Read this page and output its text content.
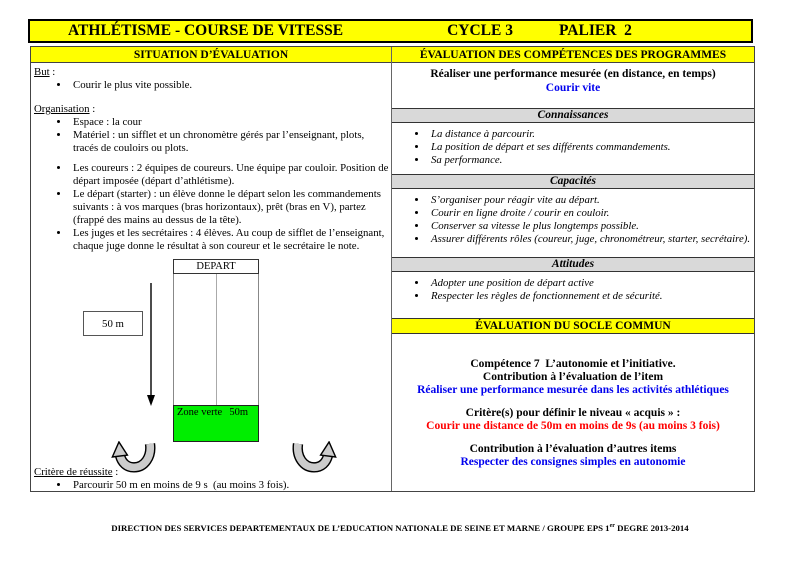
ATHLÉTISME - COURSE DE VITESSE	CYCLE 3	PALIER  2
SITUATION D’ÉVALUATION
But :
• Courir le plus vite possible.
Organisation :
• Espace : la cour
• Matériel : un sifflet et un chronomètre gérés par l’enseignant, plots, tracés de couloirs ou plots.
• Les coureurs : 2 équipes de coureurs. Une équipe par couloir. Position de départ imposée (départ d’athlétisme).
• Le départ (starter) : un élève donne le départ selon les commandements suivants : à vos marques (bras horizontaux), prêt (bras en V), partez (frappé des mains au dessus de la tête).
• Les juges et les secrétaires : 4 élèves. Au coup de sifflet de l’enseignant, chaque juge donne le résultat à son coureur et le secrétaire le note.
DEPART
Zone verte 50m
50 m
Critère de réussite :
• Parcourir 50 m en moins de 9 s  (au moins 3 fois).
ÉVALUATION DES COMPÉTENCES DES PROGRAMMES
Réaliser une performance mesurée (en distance, en temps)
Courir vite
Connaissances
• La distance à parcourir.
• La position de départ et ses différents commandements.
• Sa performance.
Capacités
• S’organiser pour réagir vite au départ.
• Courir en ligne droite / courir en couloir.
• Conserver sa vitesse le plus longtemps possible.
• Assurer différents rôles (coureur, juge, chronométreur, starter, secrétaire).
Attitudes
• Adopter une position de départ active
• Respecter les règles de fonctionnement et de sécurité.
ÉVALUATION DU SOCLE COMMUN
Compétence 7  L’autonomie et l’initiative.
Contribution à l’évaluation de l’item
Réaliser une performance mesurée dans les activités athlétiques
Critère(s) pour définir le niveau « acquis » :
Courir une distance de 50m en moins de 9s (au moins 3 fois)
Contribution à l’évaluation d’autres items
Respecter des consignes simples en autonomie
DIRECTION DES SERVICES DEPARTEMENTAUX DE L’EDUCATION NATIONALE DE SEINE ET MARNE / GROUPE EPS 1er DEGRE 2013-2014
